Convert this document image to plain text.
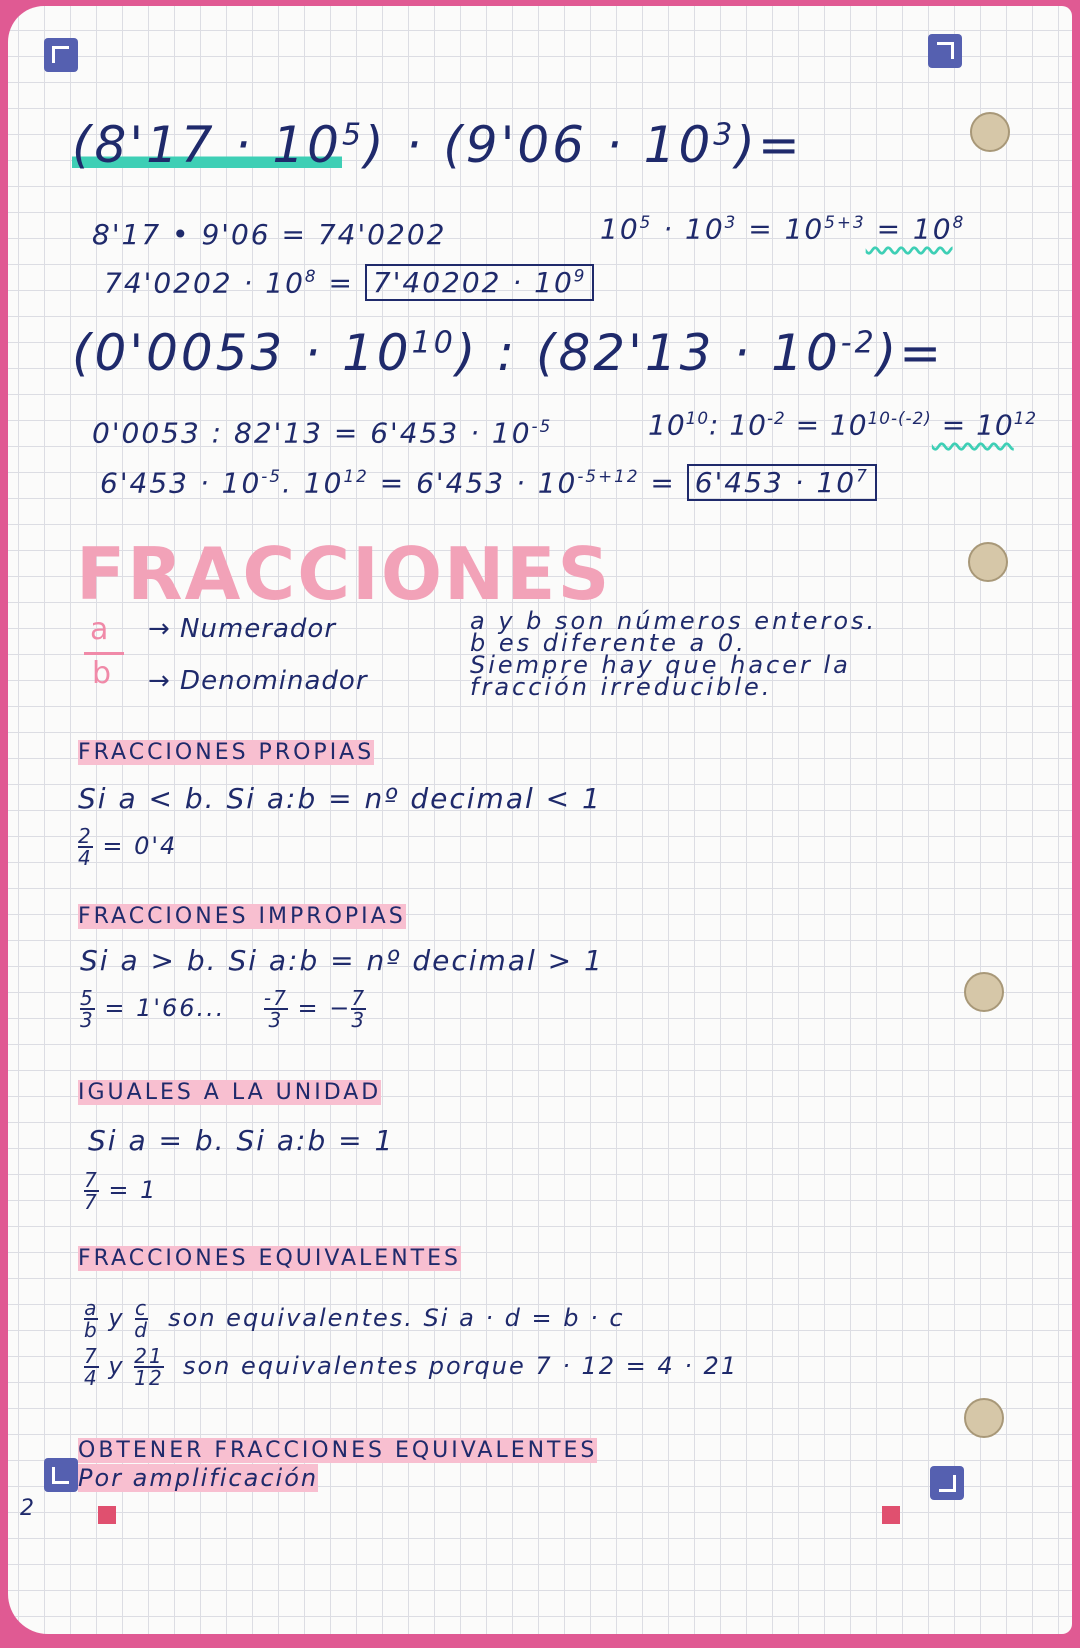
2
$(8'17 \cdot 10^5) \cdot (9'06 \cdot 10^3)=$
8'17 • 9'06 = 74'0202	$10^5 \cdot 10^3 = 10^{5+3} = 10^8$
$74'0202 \cdot 10^8 = 7'40202 \cdot 10^9$
$(0'0053 \cdot 10^{10})$ : $(82'13 \cdot 10^{-2})=$
0'0053 : $82'13 = 6'453 \cdot 10^{-5}$	$10^{10}$: $10^{-2} = 10^{10-(-2)} = 10^{12}$
$6'453 \cdot 10^{-5}$. $10^{12} = 6'453 \cdot 10^{-5+12} = 6'453 \cdot 10^7$
FRACCIONES
a
b
→ Numerador
→ Denominador
a y b son números enteros.
b es diferente a 0.
Siempre hay que hacer la
fracción irreducible.
FRACCIONES PROPIAS
Si a < b. Si a:b = nº decimal < 1
$\frac{2}{4} = 0'4$
FRACCIONES IMPROPIAS
Si a > b. Si a:b = nº decimal > 1
$\frac{5}{3} = 1'66$... $\frac{-7}{3}$ = − $\frac{7}{3}$
IGUALES A LA UNIDAD
Si a = b. Si a:b = 1
$\frac{7}{7} = 1$
FRACCIONES EQUIVALENTES
$\frac{a}{b}$ y $\frac{c}{d}$ son equivalentes. Si a · d = b · c
$\frac{7}{4}$ y $\frac{21}{12}$ son equivalentes porque 7 · 12 = 4 · 21
OBTENER FRACCIONES EQUIVALENTES
Por amplificación
